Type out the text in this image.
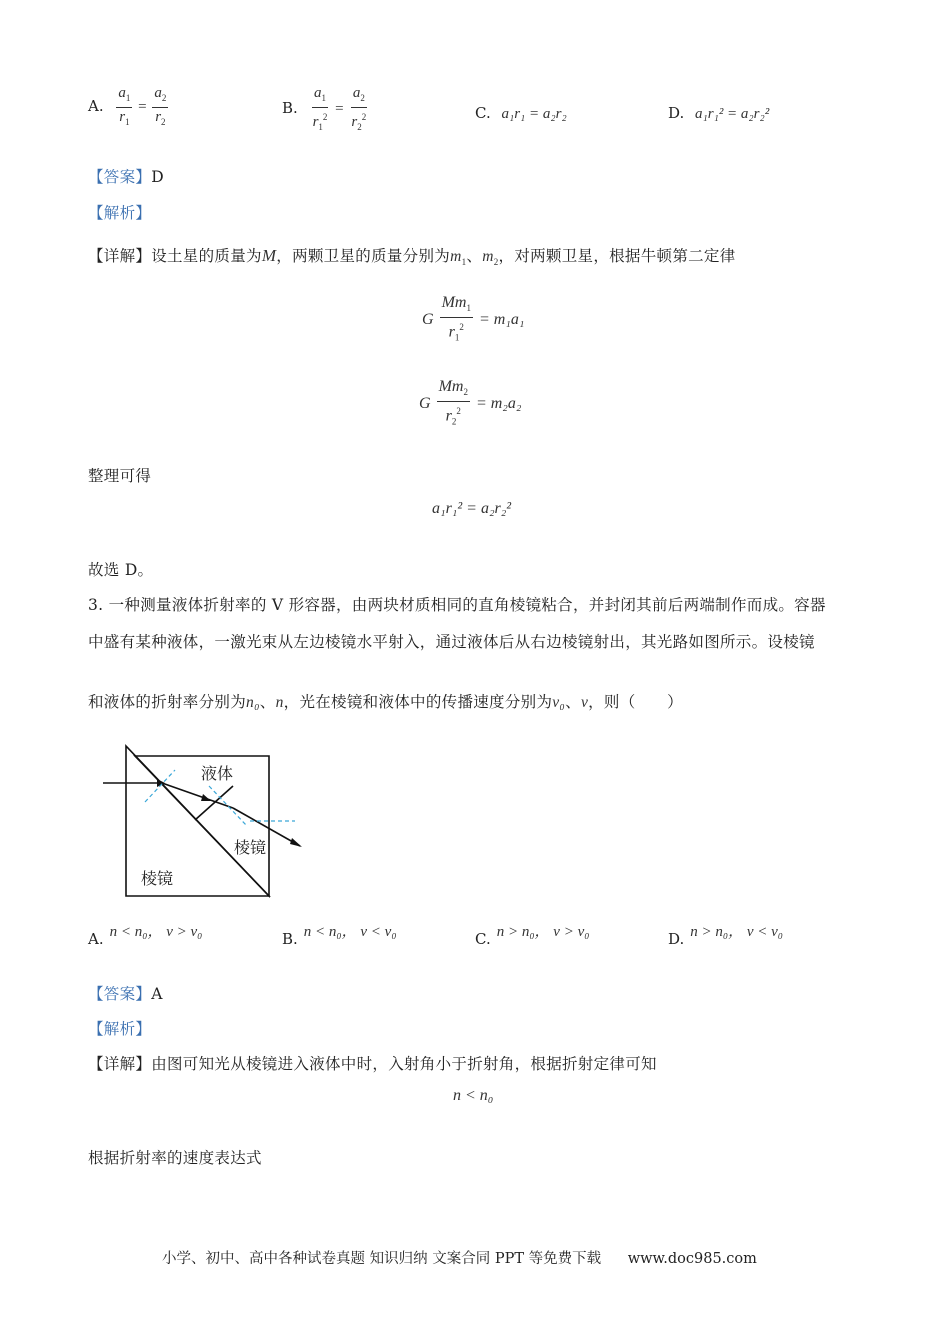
A. $\frac{a_1}{r_1} = \frac{a_2}{r_2}$	B. $\frac{a_1}{r_1^2} = \frac{a_2}{r_2^2}$	C. a₁r₁ = a₂r₂	D. a₁r₁² = a₂r₂²
【答案】D
【解析】
【详解】设土星的质量为M，两颗卫星的质量分别为$m_1$、$m_2$，对两颗卫星，根据牛顿第二定律
G $\frac{Mm_1}{r_1^2} = m_1a_1$
G $\frac{Mm_2}{r_2^2} = m_2a_2$
整理可得
a₁r₁² = a₂r₂²
故选 D。
3. 一种测量液体折射率的 V 形容器，由两块材质相同的直角棱镜粘合，并封闭其前后两端制作而成。容器
中盛有某种液体，一激光束从左边棱镜水平射入，通过液体后从右边棱镜射出，其光路如图所示。设棱镜
和液体的折射率分别为n₀、n，光在棱镜和液体中的传播速度分别为v₀、v，则（　　）
液体
棱镜
棱镜
A. n < n₀， v > v₀	B. n < n₀， v < v₀	C. n > n₀， v > v₀	D. n > n₀， v < v₀
【答案】A
【解析】
【详解】由图可知光从棱镜进入液体中时，入射角小于折射角，根据折射定律可知
n < n₀
根据折射率的速度表达式
小学、初中、高中各种试卷真题 知识归纳 文案合同 PPT 等免费下载 www.doc985.com
